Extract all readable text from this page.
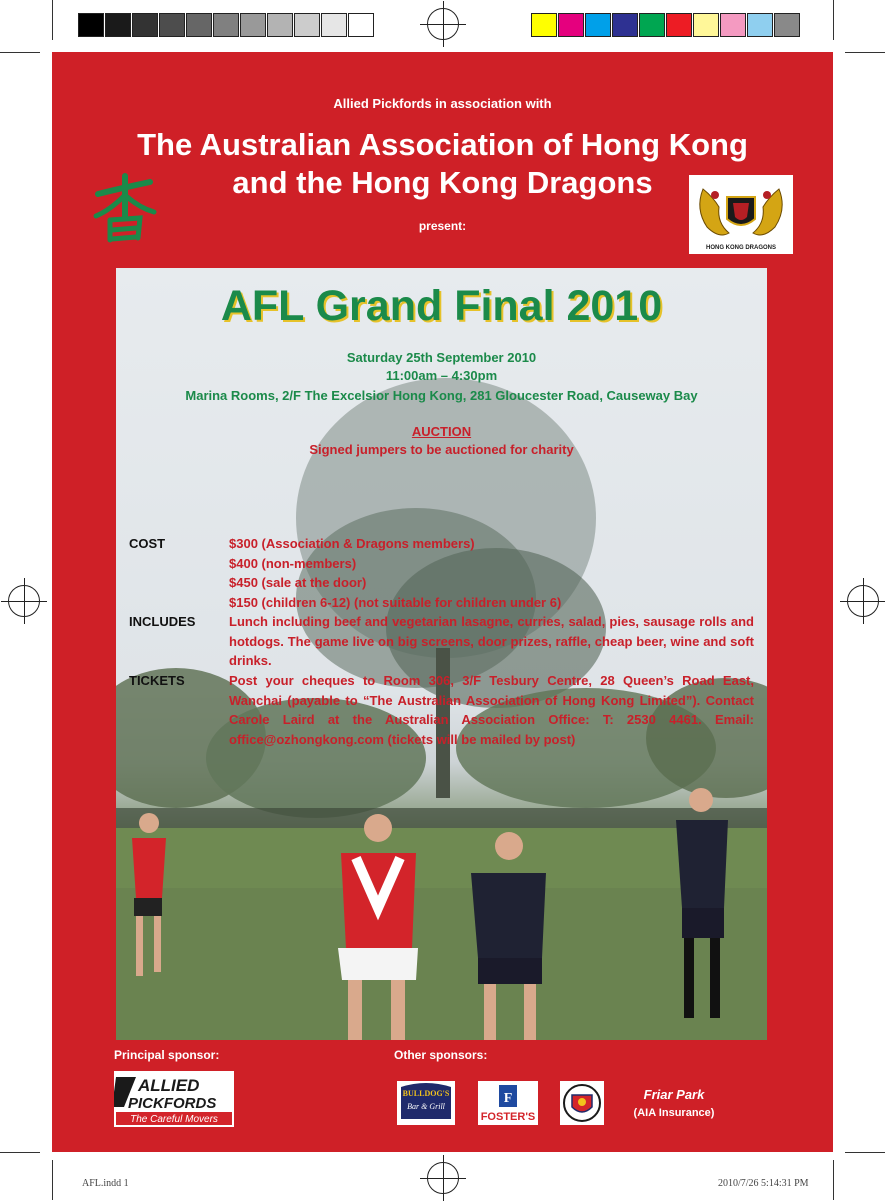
Allied Pickfords in association with
The Australian Association of Hong Kong
and the Hong Kong Dragons
present:
HONG KONG DRAGONS
AFL Grand Final 2010
Saturday 25th September 2010
11:00am – 4:30pm
Marina Rooms, 2/F The Excelsior Hong Kong, 281 Gloucester Road, Causeway Bay
AUCTION
Signed jumpers to be auctioned for charity
COST	$300 (Association & Dragons members)
$400 (non-members)
$450 (sale at the door)
$150 (children 6-12) (not suitable for children under 6)
INCLUDES	Lunch including beef and vegetarian lasagne, curries, salad, pies, sausage rolls and hotdogs. The game live on big screens, door prizes, raffle, cheap beer, wine and soft drinks.
TICKETS	Post your cheques to Room 306, 3/F Tesbury Centre, 28 Queen’s Road East, Wanchai (payable to “The Australian Association of Hong Kong Limited”). Contact Carole Laird at the Australian Association Office: T: 2530 4461. Email: office@ozhongkong.com (tickets will be mailed by post)
Principal sponsor:	Other sponsors:
ALLIED
PICKFORDS
The Careful Movers
BULLDOG'S
Bar & Grill
F
FOSTER'S
Friar Park
(AIA Insurance)
AFL.indd 1	2010/7/26 5:14:31 PM
